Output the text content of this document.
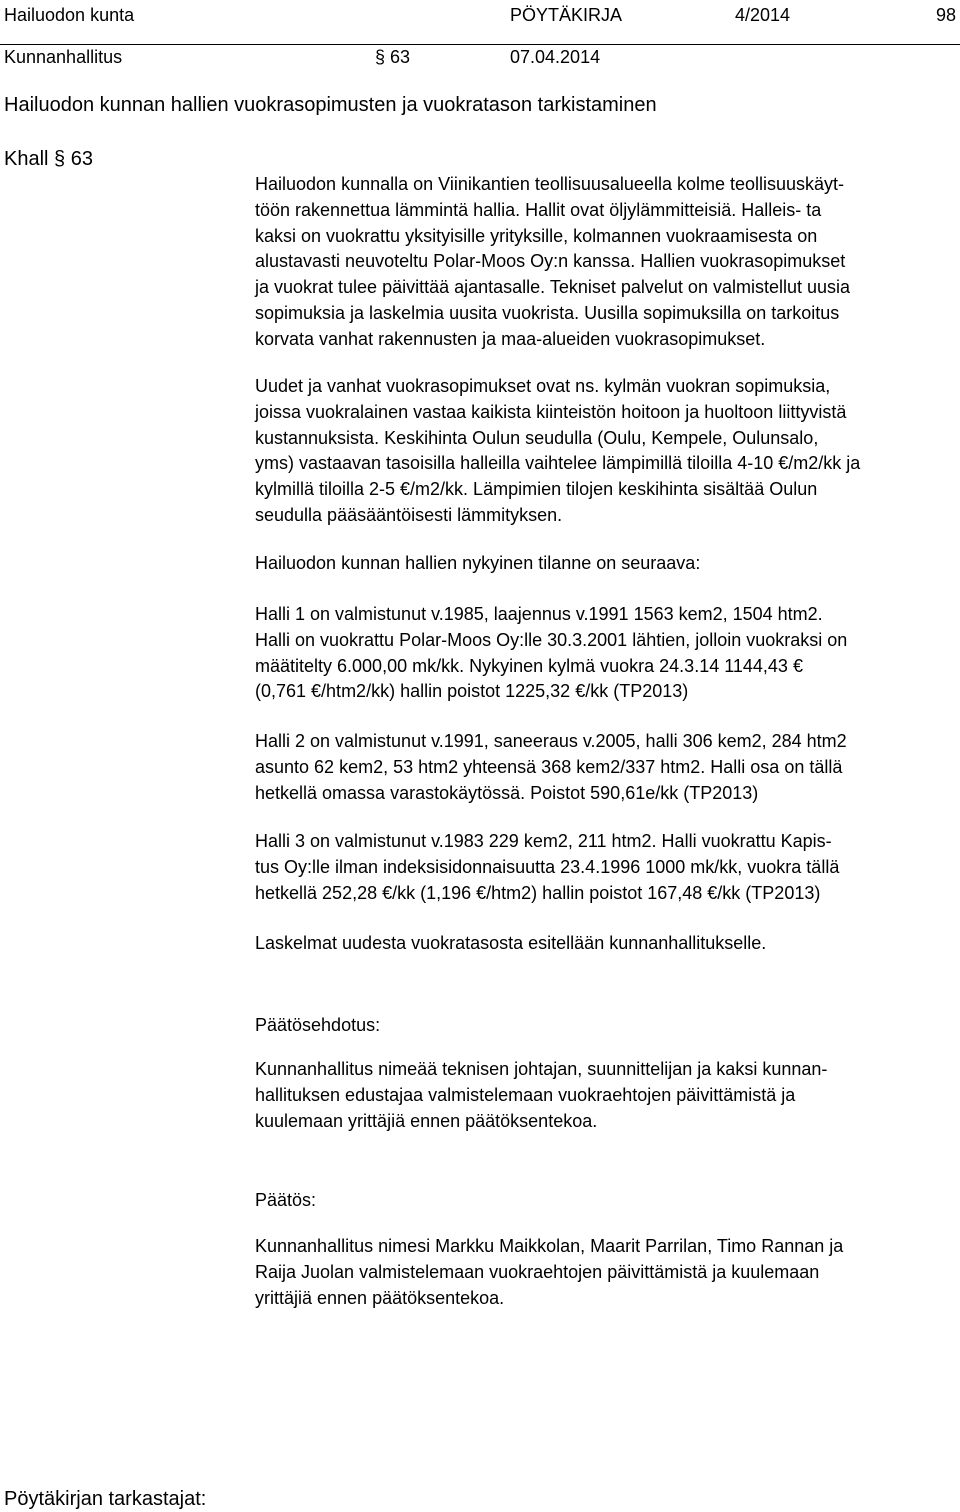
Hailuodon kunta	PÖYTÄKIRJA	4/2014	98
Kunnanhallitus	§ 63	07.04.2014
Hailuodon kunnan hallien vuokrasopimusten ja vuokratason tarkistaminen
Khall § 63
Hailuodon kunnalla on Viinikantien teollisuusalueella kolme teollisuuskäyt-
töön rakennettua lämmintä hallia. Hallit ovat öljylämmitteisiä. Halleis- ta
kaksi on vuokrattu yksityisille yrityksille, kolmannen vuokraamisesta on
alustavasti neuvoteltu Polar-Moos Oy:n kanssa. Hallien vuokrasopimukset
ja vuokrat tulee päivittää ajantasalle. Tekniset palvelut on valmistellut uusia
sopimuksia ja laskelmia uusita vuokrista. Uusilla sopimuksilla on tarkoitus
korvata vanhat rakennusten ja maa-alueiden vuokrasopimukset.
Uudet ja vanhat vuokrasopimukset ovat ns. kylmän vuokran sopimuksia,
joissa vuokralainen vastaa kaikista kiinteistön hoitoon ja huoltoon liittyvistä
kustannuksista. Keskihinta Oulun seudulla (Oulu, Kempele, Oulunsalo,
yms) vastaavan tasoisilla halleilla vaihtelee lämpimillä tiloilla 4-10 €/m2/kk ja
kylmillä tiloilla 2-5 €/m2/kk. Lämpimien tilojen keskihinta sisältää Oulun
seudulla pääsääntöisesti lämmityksen.
Hailuodon kunnan hallien nykyinen tilanne on seuraava:
Halli 1 on valmistunut v.1985, laajennus v.1991 1563 kem2, 1504 htm2.
Halli on vuokrattu Polar-Moos Oy:lle 30.3.2001 lähtien, jolloin vuokraksi on
määtitelty 6.000,00 mk/kk. Nykyinen kylmä vuokra 24.3.14 1144,43 €
(0,761 €/htm2/kk) hallin poistot 1225,32 €/kk (TP2013)
Halli 2 on valmistunut v.1991, saneeraus v.2005, halli 306 kem2, 284 htm2
asunto 62 kem2, 53 htm2 yhteensä 368 kem2/337 htm2. Halli osa on tällä
hetkellä omassa varastokäytössä. Poistot 590,61e/kk (TP2013)
Halli 3 on valmistunut v.1983 229 kem2, 211 htm2. Halli vuokrattu Kapis-
tus Oy:lle ilman indeksisidonnaisuutta 23.4.1996 1000 mk/kk, vuokra tällä
hetkellä 252,28 €/kk (1,196 €/htm2) hallin poistot 167,48 €/kk (TP2013)
Laskelmat uudesta vuokratasosta esitellään kunnanhallitukselle.
Päätösehdotus:
Kunnanhallitus nimeää teknisen johtajan, suunnittelijan ja kaksi kunnan-
hallituksen edustajaa valmistelemaan vuokraehtojen päivittämistä ja
kuulemaan yrittäjiä ennen päätöksentekoa.
Päätös:
Kunnanhallitus nimesi Markku Maikkolan, Maarit Parrilan, Timo Rannan ja
Raija Juolan valmistelemaan vuokraehtojen päivittämistä ja kuulemaan
yrittäjiä ennen päätöksentekoa.
Pöytäkirjan tarkastajat:
